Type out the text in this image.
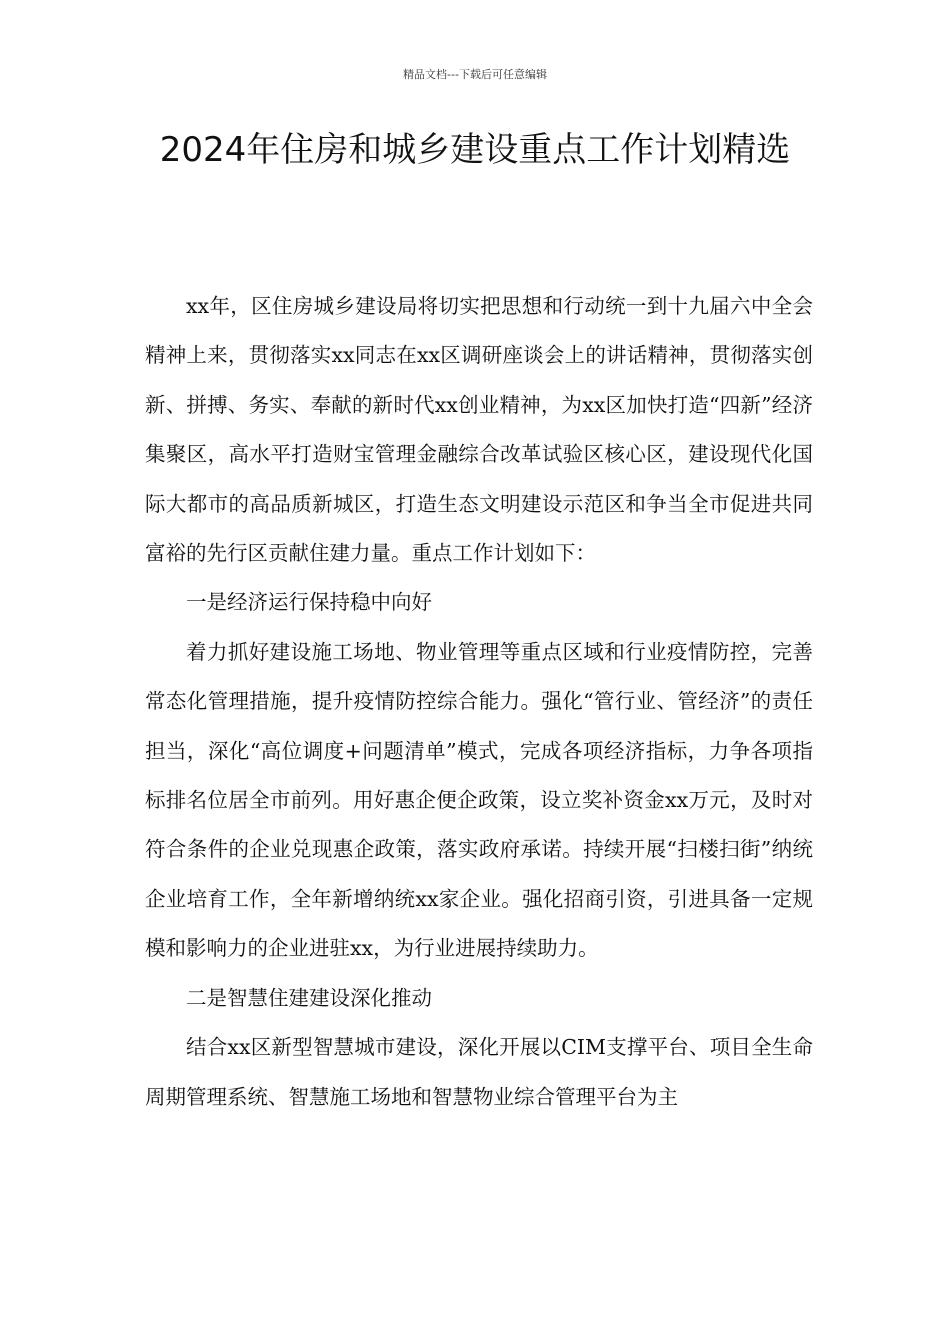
精品文档---下载后可任意编辑
2024年住房和城乡建设重点工作计划精选

xx年，区住房城乡建设局将切实把思想和行动统一到十九届六中全会精神上来，贯彻落实xx同志在xx区调研座谈会上的讲话精神，贯彻落实创新、拼搏、务实、奉献的新时代xx创业精神，为xx区加快打造“四新”经济集聚区，高水平打造财宝管理金融综合改革试验区核心区，建设现代化国际大都市的高品质新城区，打造生态文明建设示范区和争当全市促进共同富裕的先行区贡献住建力量。重点工作计划如下：

一是经济运行保持稳中向好

着力抓好建设施工场地、物业管理等重点区域和行业疫情防控，完善常态化管理措施，提升疫情防控综合能力。强化“管行业、管经济”的责任担当，深化“高位调度+问题清单”模式，完成各项经济指标，力争各项指标排名位居全市前列。用好惠企便企政策，设立奖补资金xx万元，及时对符合条件的企业兑现惠企政策，落实政府承诺。持续开展“扫楼扫街”纳统企业培育工作，全年新增纳统xx家企业。强化招商引资，引进具备一定规模和影响力的企业进驻xx，为行业进展持续助力。

二是智慧住建建设深化推动

结合xx区新型智慧城市建设，深化开展以CIM支撑平台、项目全生命周期管理系统、智慧施工场地和智慧物业综合管理平台为主
